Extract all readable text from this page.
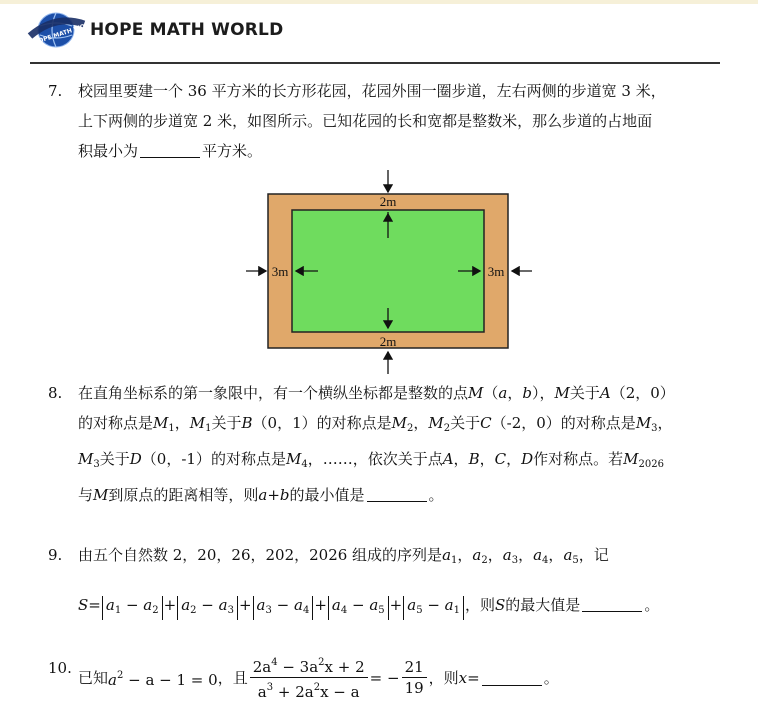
HOPE MATH WORLD
HOPE MATH WORLD
7. 校园里要建一个 36 平方米的长方形花园，花园外围一圈步道，左右两侧的步道宽 3 米，
上下两侧的步道宽 2 米，如图所示。已知花园的长和宽都是整数米，那么步道的占地面
积最小为	平方米。
2m
2m
3m	3m
8. 在直角坐标系的第一象限中，有一个横纵坐标都是整数的点M（a，b），M关于A（2，0）
的对称点是$M_1$，$M_1$关于B（0，1）的对称点是$M_2$，$M_2$关于C（-2，0）的对称点是$M_3$，
$M_3$关于D（0，-1）的对称点是$M_4$，……，依次关于点A，B，C，D作对称点。若$M_{2026}$
与M到原点的距离相等，则a+b的最小值是	。
9. 由五个自然数 2，20，26，202，2026 组成的序列是$a_1$，$a_2$，$a_3$，$a_4$，$a_5$，记
$S= a_1 - a_2 + a_2 - a_3 + a_3 - a_4 + a_4 - a_5 + a_5 - a_1$ ，则S的最大值是	。
10.
已知 $a^2 - a - 1 = 0$ ，且 $\frac{2a^4 - 3a^2x + 2}{a^3 + 2a^2x - a}$ = − $\frac{21}{19}$ ，则 x =	。
